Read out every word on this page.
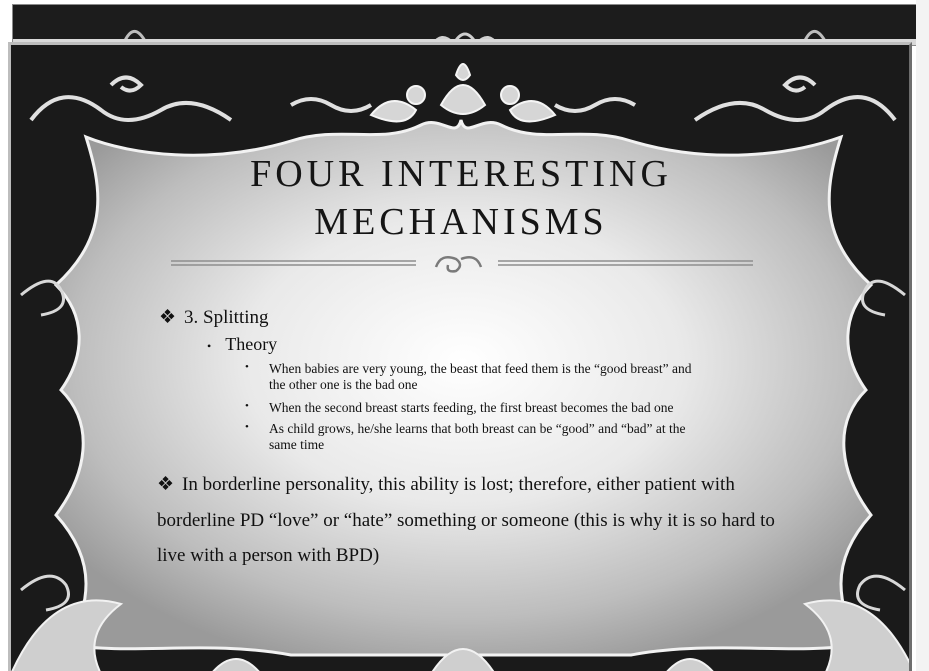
FOUR INTERESTING
MECHANISMS
❖ 3. Splitting
• Theory
• When babies are very young, the beast that feed them is the “good breast” and
the other one is the bad one
• When the second breast starts feeding, the first breast becomes the bad one
• As child grows, he/she learns that both breast can be “good” and “bad” at the
same time
❖ In borderline personality, this ability is lost; therefore, either patient with borderline PD “love” or “hate” something or someone (this is why it is so hard to live with a person with BPD)
